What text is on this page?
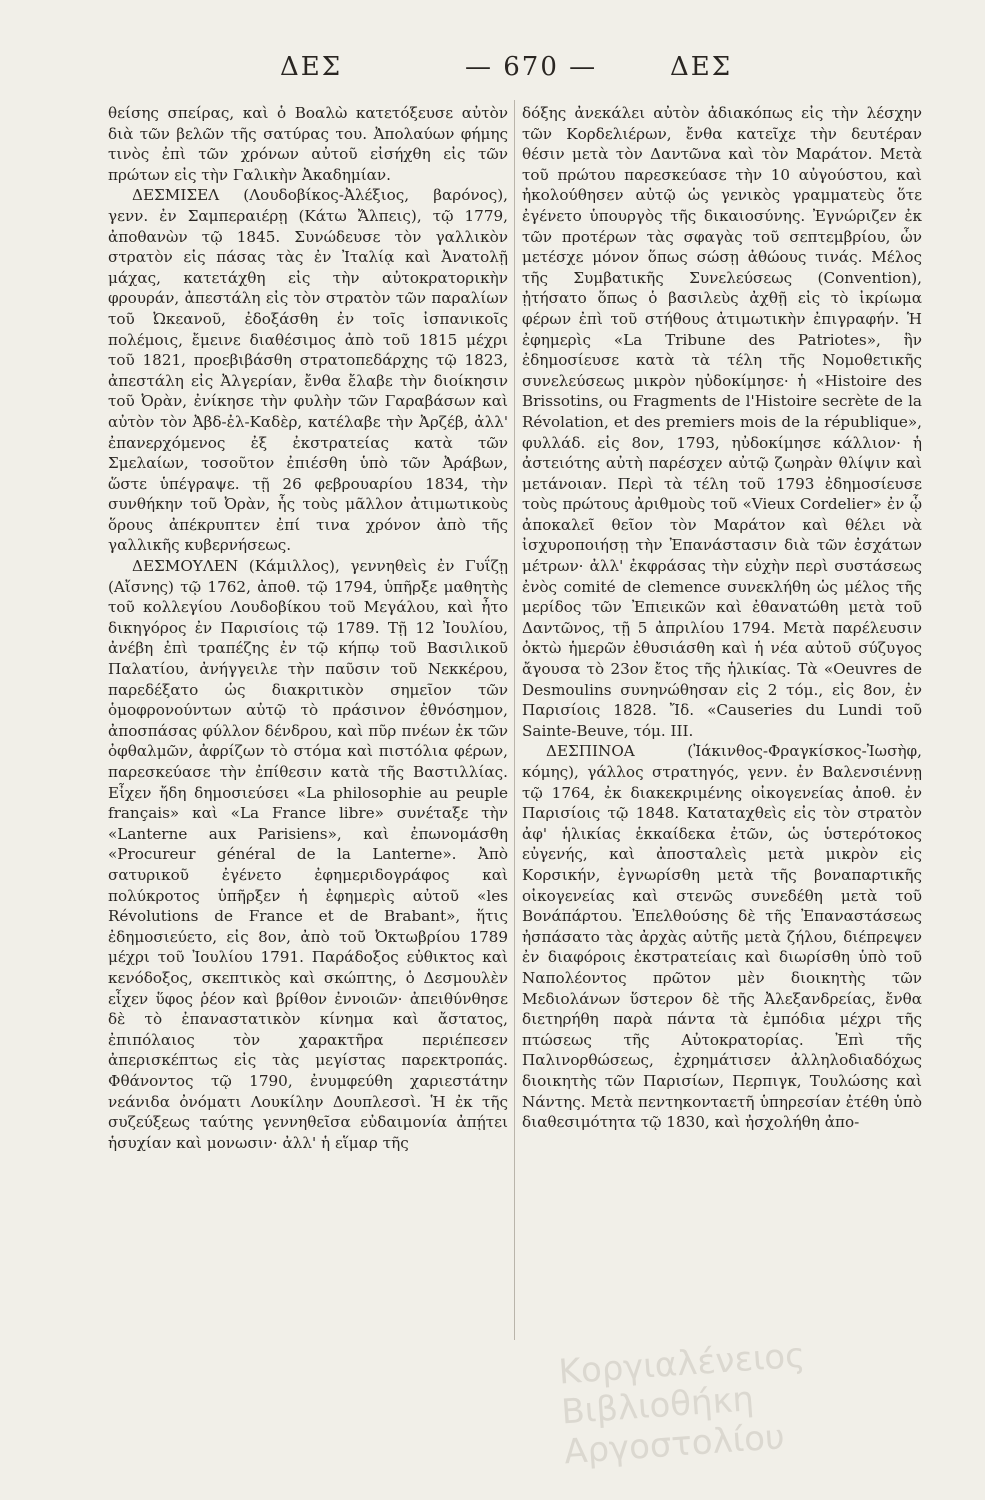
ΔΕΣ	— 670 —	ΔΕΣ

θείσης σπείρας, καὶ ὁ Βοαλὼ κατετόξευσε αὐτὸν διὰ τῶν βελῶν τῆς σατύρας του. Ἀπολαύων φήμης τινὸς ἐπὶ τῶν χρόνων αὐτοῦ εἰσήχθη εἰς τῶν πρώτων εἰς τὴν Γαλικὴν Ἀκαδημίαν.

ΔΕΣΜΙΣΕΛ (Λουδοβίκος-Ἀλέξιος, βαρόνος), γενν. ἐν Σαμπεραιέρῃ (Κάτω Ἄλπεις), τῷ 1779, ἀποθανὼν τῷ 1845. Συνώδευσε τὸν γαλλικὸν στρατὸν εἰς πάσας τὰς ἐν Ἰταλίᾳ καὶ Ἀνατολῇ μάχας, κατετάχθη εἰς τὴν αὐτοκρατορικὴν φρουράν, ἀπεστάλη εἰς τὸν στρατὸν τῶν παραλίων τοῦ Ὠκεανοῦ, ἐδοξάσθη ἐν τοῖς ἰσπανικοῖς πολέμοις, ἔμεινε διαθέσιμος ἀπὸ τοῦ 1815 μέχρι τοῦ 1821, προεβιβάσθη στρατοπεδάρχης τῷ 1823, ἀπεστάλη εἰς Ἀλγερίαν, ἔνθα ἔλαβε τὴν διοίκησιν τοῦ Ὀρὰν, ἐνίκησε τὴν φυλὴν τῶν Γαραβάσων καὶ αὐτὸν τὸν Ἀβδ-ἐλ-Καδὲρ, κατέλαβε τὴν Ἀρζέβ, ἀλλ' ἐπανερχόμενος ἐξ ἐκστρατείας κατὰ τῶν Σμελαίων, τοσοῦτον ἐπιέσθη ὑπὸ τῶν Ἀράβων, ὥστε ὑπέγραψε. τῇ 26 φεβρουαρίου 1834, τὴν συνθήκην τοῦ Ὀρὰν, ἧς τοὺς μᾶλλον ἀτιμωτικοὺς ὅρους ἀπέκρυπτεν ἐπί τινα χρόνον ἀπὸ τῆς γαλλικῆς κυβερνήσεως.

ΔΕΣΜΟΥΛΕΝ (Κάμιλλος), γεννηθεὶς ἐν Γυΐζῃ (Αἴσνης) τῷ 1762, ἀποθ. τῷ 1794, ὑπῆρξε μαθητὴς τοῦ κολλεγίου Λουδοβίκου τοῦ Μεγάλου, καὶ ἦτο δικηγόρος ἐν Παρισίοις τῷ 1789. Τῇ 12 Ἰουλίου, ἀνέβη ἐπὶ τραπέζης ἐν τῷ κήπῳ τοῦ Βασιλικοῦ Παλατίου, ἀνήγγειλε τὴν παῦσιν τοῦ Νεκκέρου, παρεδέξατο ὡς διακριτικὸν σημεῖον τῶν ὁμοφρονούντων αὐτῷ τὸ πράσινον ἐθνόσημον, ἀποσπάσας φύλλον δένδρου, καὶ πῦρ πνέων ἐκ τῶν ὀφθαλμῶν, ἀφρίζων τὸ στόμα καὶ πιστόλια φέρων, παρεσκεύασε τὴν ἐπίθεσιν κατὰ τῆς Βαστιλλίας. Εἶχεν ἤδη δημοσιεύσει «La philosophie au peuple français» καὶ «La France libre» συνέταξε τὴν «Lanterne aux Parisiens», καὶ ἐπωνομάσθη «Procureur général de la Lanterne». Ἀπὸ σατυρικοῦ ἐγένετο ἐφημεριδογράφος καὶ πολύκροτος ὑπῆρξεν ἡ ἐφημερὶς αὐτοῦ «les Révolutions de France et de Brabant», ἥτις ἐδημοσιεύετο, εἰς 8ον, ἀπὸ τοῦ Ὀκτωβρίου 1789 μέχρι τοῦ Ἰουλίου 1791. Παράδοξος εὐθικτος καὶ κενόδοξος, σκεπτικὸς καὶ σκώπτης, ὁ Δεσμουλὲν εἶχεν ὕφος ῥέον καὶ βρίθον ἐννοιῶν· ἀπειθύνθησε δὲ τὸ ἐπαναστατικὸν κίνημα καὶ ἄστατος, ἐπιπόλαιος τὸν χαρακτῆρα περιέπεσεν ἀπερισκέπτως εἰς τὰς μεγίστας παρεκτροπάς. Φθάνοντος τῷ 1790, ἐνυμφεύθη χαριεστάτην νεάνιδα ὀνόματι Λουκίλην Δουπλεσσὶ. Ἡ ἐκ τῆς συζεύξεως ταύτης γεννηθεῖσα εὐδαιμονία ἀπῄτει ἡσυχίαν καὶ μονωσιν· ἀλλ' ἡ εἵμαρ τῆς

δόξης ἀνεκάλει αὐτὸν ἀδιακόπως εἰς τὴν λέσχην τῶν Κορδελιέρων, ἔνθα κατεῖχε τὴν δευτέραν θέσιν μετὰ τὸν Δαντῶνα καὶ τὸν Μαράτον. Μετὰ τοῦ πρώτου παρεσκεύασε τὴν 10 αὐγούστου, καὶ ἠκολούθησεν αὐτῷ ὡς γενικὸς γραμματεὺς ὅτε ἐγένετο ὑπουργὸς τῆς δικαιοσύνης. Ἐγνώριζεν ἐκ τῶν προτέρων τὰς σφαγὰς τοῦ σεπτεμβρίου, ὧν μετέσχε μόνον ὅπως σώσῃ ἀθώους τινάς. Μέλος τῆς Συμβατικῆς Συνελεύσεως (Convention), ᾐτήσατο ὅπως ὁ βασιλεὺς ἀχθῇ εἰς τὸ ἰκρίωμα φέρων ἐπὶ τοῦ στήθους ἀτιμωτικὴν ἐπιγραφήν. Ἡ ἐφημερὶς «La Tribune des Patriotes», ἣν ἐδημοσίευσε κατὰ τὰ τέλη τῆς Νομοθετικῆς συνελεύσεως μικρὸν ηὐδοκίμησε· ἡ «Histoire des Brissotins, ou Fragments de l'Histoire secrète de la Révolation, et des premiers mois de la république», φυλλάδ. εἰς 8ον, 1793, ηὐδοκίμησε κάλλιον· ἡ ἀστειότης αὐτὴ παρέσχεν αὐτῷ ζωηρὰν θλίψιν καὶ μετάνοιαν. Περὶ τὰ τέλη τοῦ 1793 ἐδημοσίευσε τοὺς πρώτους ἀριθμοὺς τοῦ «Vieux Cordelier» ἐν ᾧ ἀποκαλεῖ θεῖον τὸν Μαράτον καὶ θέλει νὰ ἰσχυροποιήσῃ τὴν Ἐπανάστασιν διὰ τῶν ἐσχάτων μέτρων· ἀλλ' ἐκφράσας τὴν εὐχὴν περὶ συστάσεως ἐνὸς comité de clemence συνεκλήθη ὡς μέλος τῆς μερίδος τῶν Ἐπιεικῶν καὶ ἐθανατώθη μετὰ τοῦ Δαντῶνος, τῇ 5 ἀπριλίου 1794. Μετὰ παρέλευσιν ὀκτὼ ἡμερῶν ἐθυσιάσθη καὶ ἡ νέα αὐτοῦ σύζυγος ἄγουσα τὸ 23ον ἔτος τῆς ἡλικίας. Τὰ «Oeuvres de Desmoulins συνηνώθησαν εἰς 2 τόμ., εἰς 8ον, ἐν Παρισίοις 1828. Ἴδ. «Causeries du Lundi τοῦ Sainte-Beuve, τόμ. III.

ΔΕΣΠΙΝΟΑ (Ἰάκινθος-Φραγκίσκος-Ἰωσὴφ, κόμης), γάλλος στρατηγός, γενν. ἐν Βαλενσιέννῃ τῷ 1764, ἐκ διακεκριμένης οἰκογενείας ἀποθ. ἐν Παρισίοις τῷ 1848. Καταταχθεὶς εἰς τὸν στρατὸν ἀφ' ἡλικίας ἑκκαίδεκα ἐτῶν, ὡς ὑστερότοκος εὐγενής, καὶ ἀποσταλεὶς μετὰ μικρὸν εἰς Κορσικήν, ἐγνωρίσθη μετὰ τῆς βοναπαρτικῆς οἰκογενείας καὶ στενῶς συνεδέθη μετὰ τοῦ Βονάπάρτου. Ἐπελθούσης δὲ τῆς Ἐπαναστάσεως ἠσπάσατο τὰς ἀρχὰς αὐτῆς μετὰ ζήλου, διέπρεψεν ἐν διαφόροις ἐκστρατείαις καὶ διωρίσθη ὑπὸ τοῦ Ναπολέοντος πρῶτον μὲν διοικητὴς τῶν Μεδιολάνων ὕστερον δὲ τῆς Ἀλεξανδρείας, ἔνθα διετηρήθη παρὰ πάντα τὰ ἐμπόδια μέχρι τῆς πτώσεως τῆς Αὐτοκρατορίας. Ἐπὶ τῆς Παλινορθώσεως, ἐχρημάτισεν ἀλληλοδιαδόχως διοικητὴς τῶν Παρισίων, Περπιγκ, Τουλώσης καὶ Νάντης. Μετὰ πεντηκονταετῆ ὑπηρεσίαν ἐτέθη ὑπὸ διαθεσιμότητα τῷ 1830, καὶ ἠσχολήθη ἀπο-

Κοργιαλένειος Βιβλιοθήκη Αργοστολίου
